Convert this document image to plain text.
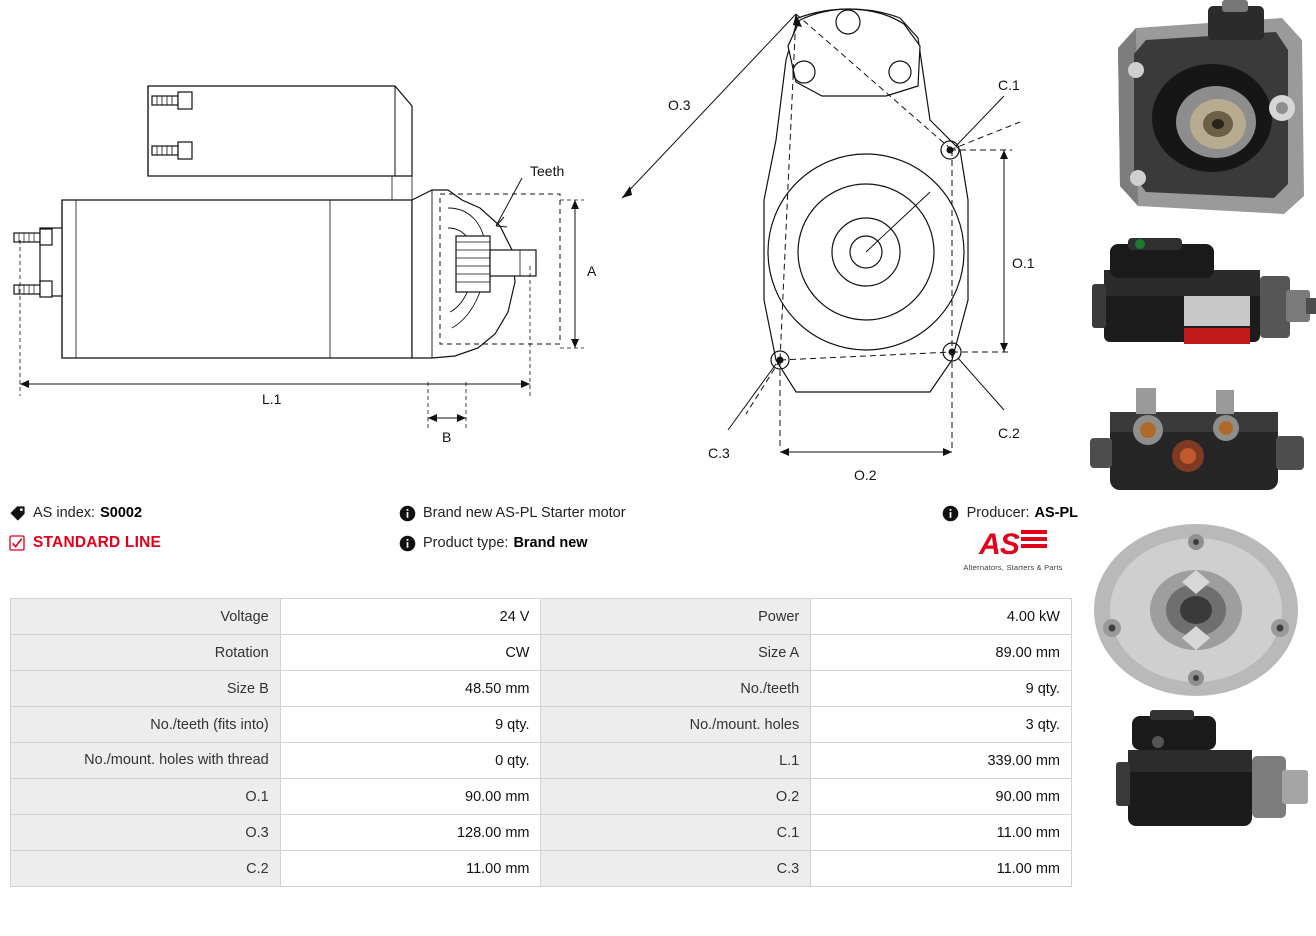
Teeth
A
B
L.1
O.3
O.1
O.2
C.1
C.2
C.3
AS index: S0002
STANDARD LINE
Brand new AS-PL Starter motor
Product type: Brand new
Producer: AS-PL
AS
Alternators, Starters & Parts
Voltage	24 V	Power	4.00 kW
Rotation	CW	Size A	89.00 mm
Size B	48.50 mm	No./teeth	9 qty.
No./teeth (fits into)	9 qty.	No./mount. holes	3 qty.
No./mount. holes with thread	0 qty.	L.1	339.00 mm
O.1	90.00 mm	O.2	90.00 mm
O.3	128.00 mm	C.1	11.00 mm
C.2	11.00 mm	C.3	11.00 mm
